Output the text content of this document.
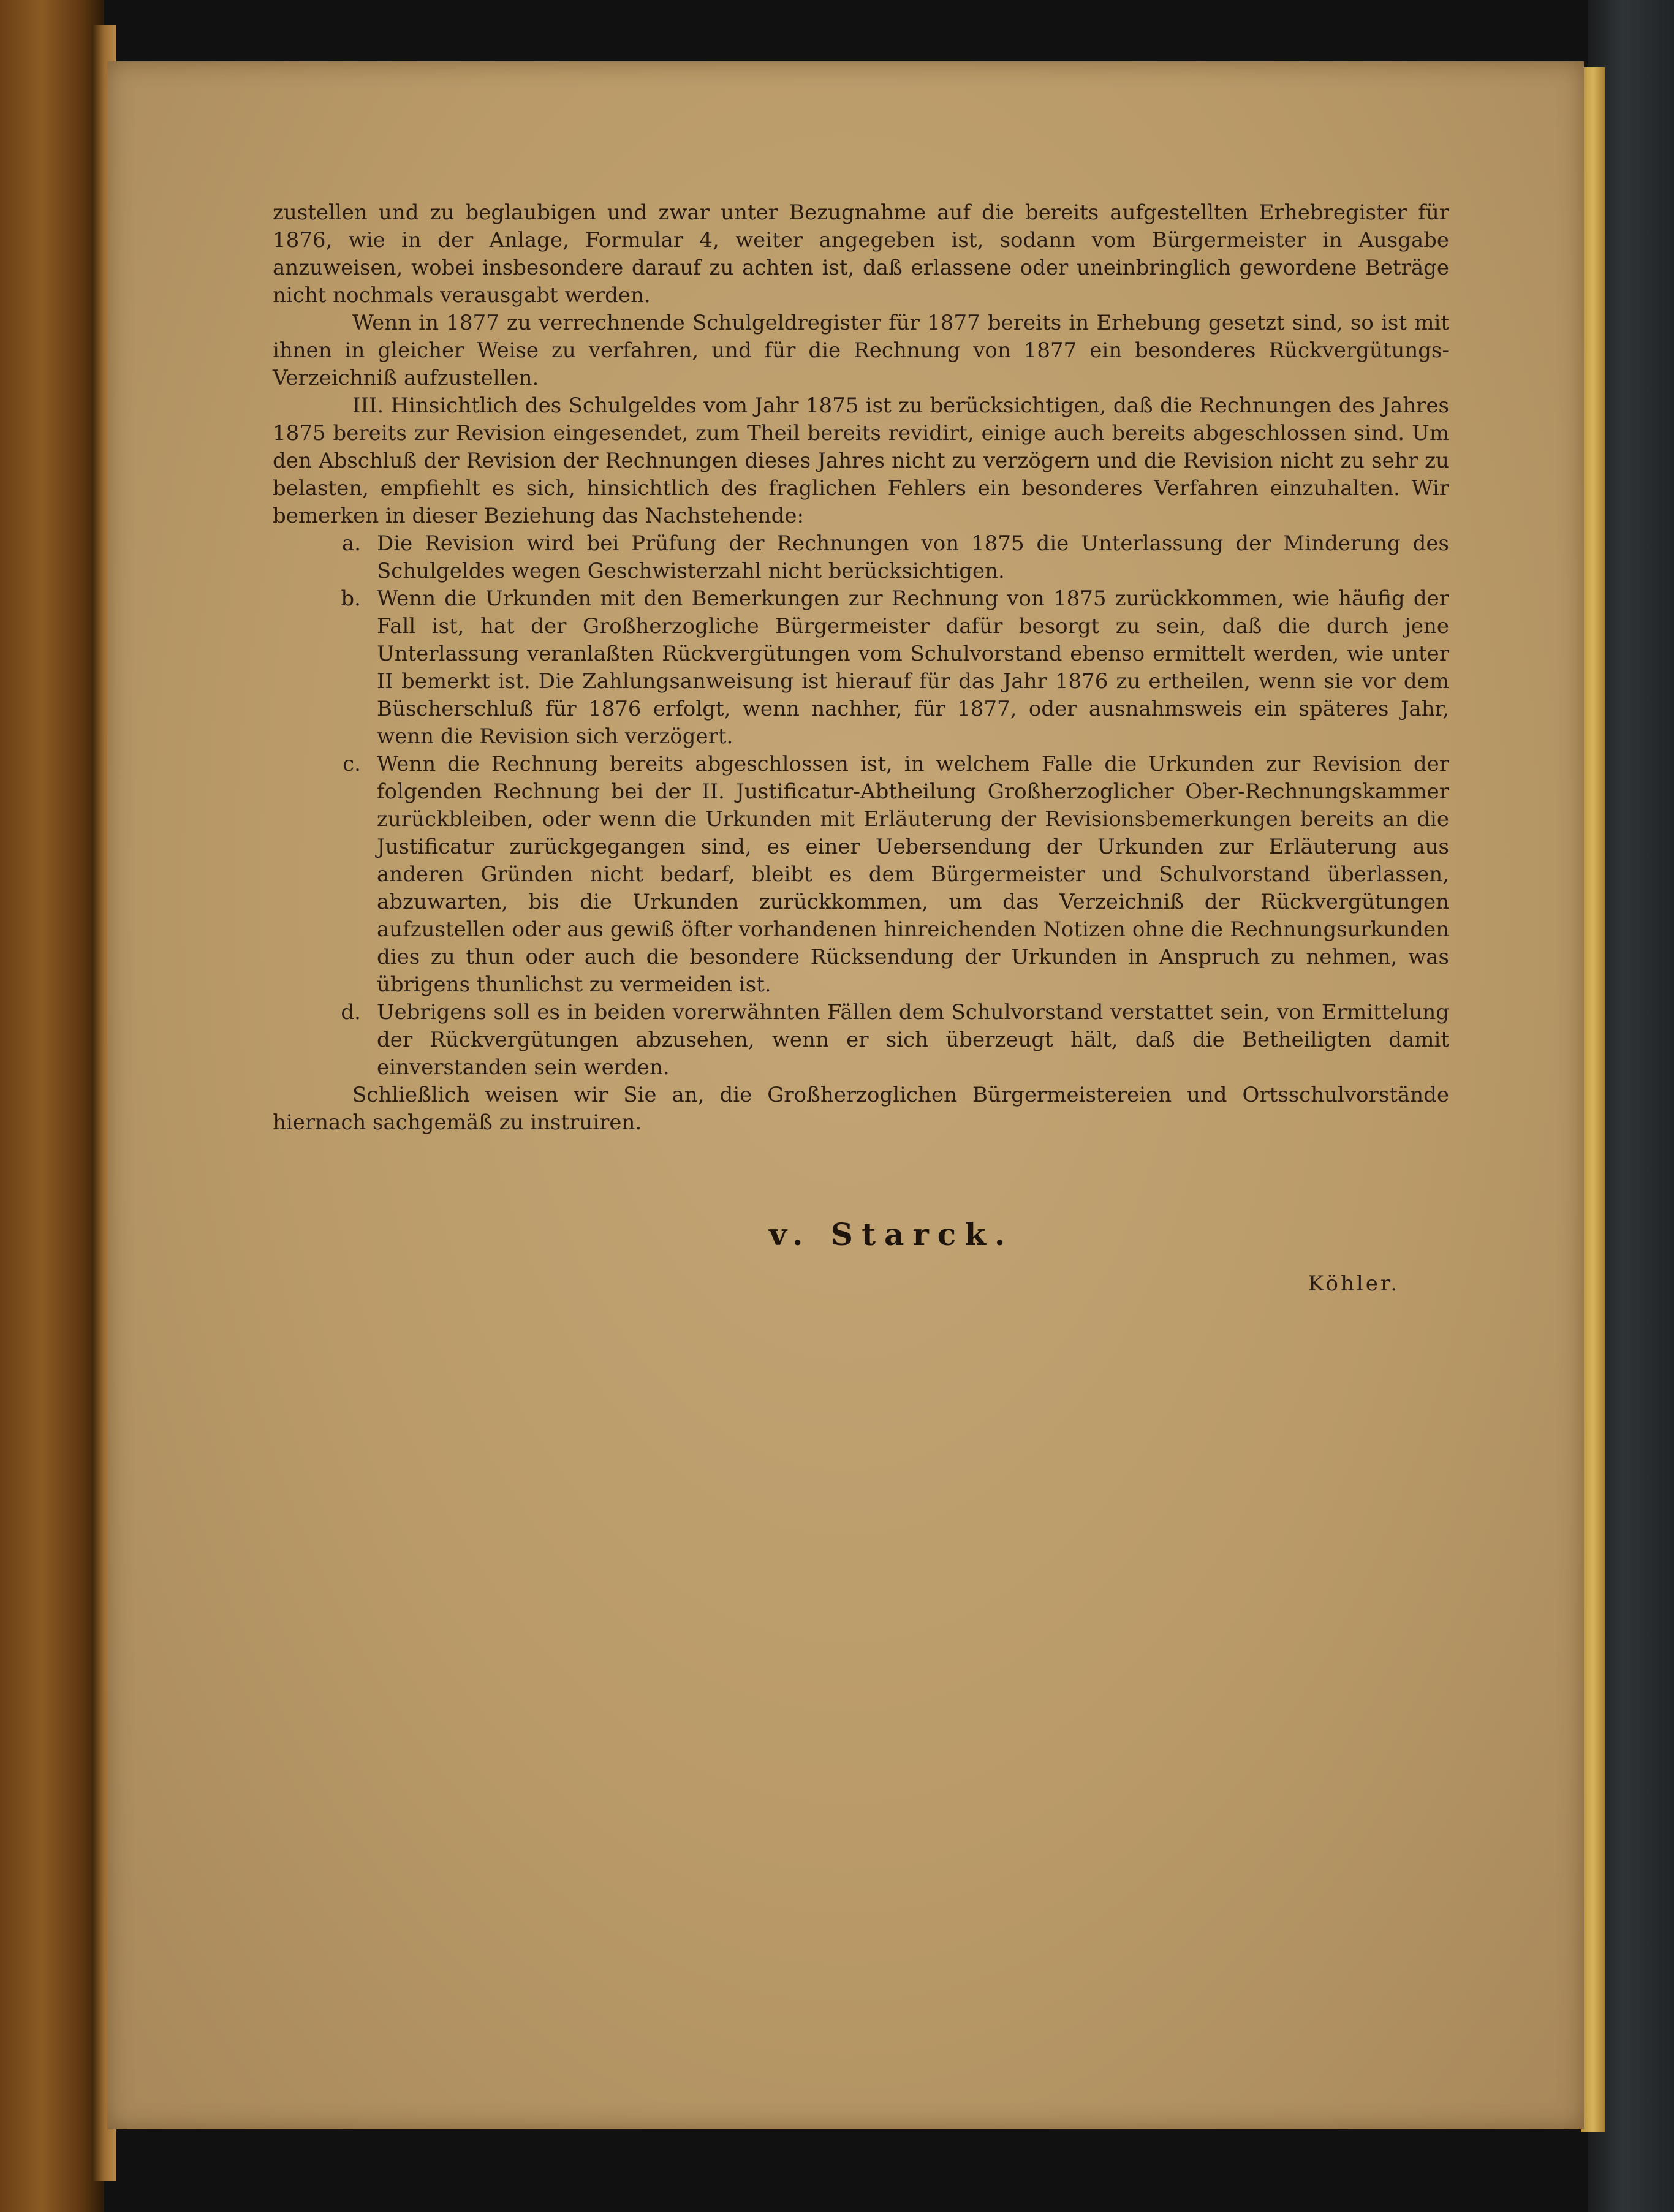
zustellen und zu beglaubigen und zwar unter Bezugnahme auf die bereits aufgestellten Erhebregister für 1876, wie in der Anlage, Formular 4, weiter angegeben ist, sodann vom Bürgermeister in Ausgabe anzuweisen, wobei insbesondere darauf zu achten ist, daß erlassene oder uneinbringlich gewordene Beträge nicht nochmals verausgabt werden.

Wenn in 1877 zu verrechnende Schulgeldregister für 1877 bereits in Erhebung gesetzt sind, so ist mit ihnen in gleicher Weise zu verfahren, und für die Rechnung von 1877 ein besonderes Rückvergütungs-Verzeichniß aufzustellen.

III. Hinsichtlich des Schulgeldes vom Jahr 1875 ist zu berücksichtigen, daß die Rechnungen des Jahres 1875 bereits zur Revision eingesendet, zum Theil bereits revidirt, einige auch bereits abgeschlossen sind. Um den Abschluß der Revision der Rechnungen dieses Jahres nicht zu verzögern und die Revision nicht zu sehr zu belasten, empfiehlt es sich, hinsichtlich des fraglichen Fehlers ein besonderes Verfahren einzuhalten. Wir bemerken in dieser Beziehung das Nachstehende:

a. Die Revision wird bei Prüfung der Rechnungen von 1875 die Unterlassung der Minderung des Schulgeldes wegen Geschwisterzahl nicht berücksichtigen.
b. Wenn die Urkunden mit den Bemerkungen zur Rechnung von 1875 zurückkommen, wie häufig der Fall ist, hat der Großherzogliche Bürgermeister dafür besorgt zu sein, daß die durch jene Unterlassung veranlaßten Rückvergütungen vom Schulvorstand ebenso ermittelt werden, wie unter II bemerkt ist. Die Zahlungsanweisung ist hierauf für das Jahr 1876 zu ertheilen, wenn sie vor dem Büscherschluß für 1876 erfolgt, wenn nachher, für 1877, oder ausnahmsweis ein späteres Jahr, wenn die Revision sich verzögert.
c. Wenn die Rechnung bereits abgeschlossen ist, in welchem Falle die Urkunden zur Revision der folgenden Rechnung bei der II. Justificatur-Abtheilung Großherzoglicher Ober-Rechnungskammer zurückbleiben, oder wenn die Urkunden mit Erläuterung der Revisionsbemerkungen bereits an die Justificatur zurückgegangen sind, es einer Uebersendung der Urkunden zur Erläuterung aus anderen Gründen nicht bedarf, bleibt es dem Bürgermeister und Schulvorstand überlassen, abzuwarten, bis die Urkunden zurückkommen, um das Verzeichniß der Rückvergütungen aufzustellen oder aus gewiß öfter vorhandenen hinreichenden Notizen ohne die Rechnungsurkunden dies zu thun oder auch die besondere Rücksendung der Urkunden in Anspruch zu nehmen, was übrigens thunlichst zu vermeiden ist.
d. Uebrigens soll es in beiden vorerwähnten Fällen dem Schulvorstand verstattet sein, von Ermittelung der Rückvergütungen abzusehen, wenn er sich überzeugt hält, daß die Betheiligten damit einverstanden sein werden.

Schließlich weisen wir Sie an, die Großherzoglichen Bürgermeistereien und Ortsschulvorstände hiernach sachgemäß zu instruiren.

v. Starck.
Köhler.
